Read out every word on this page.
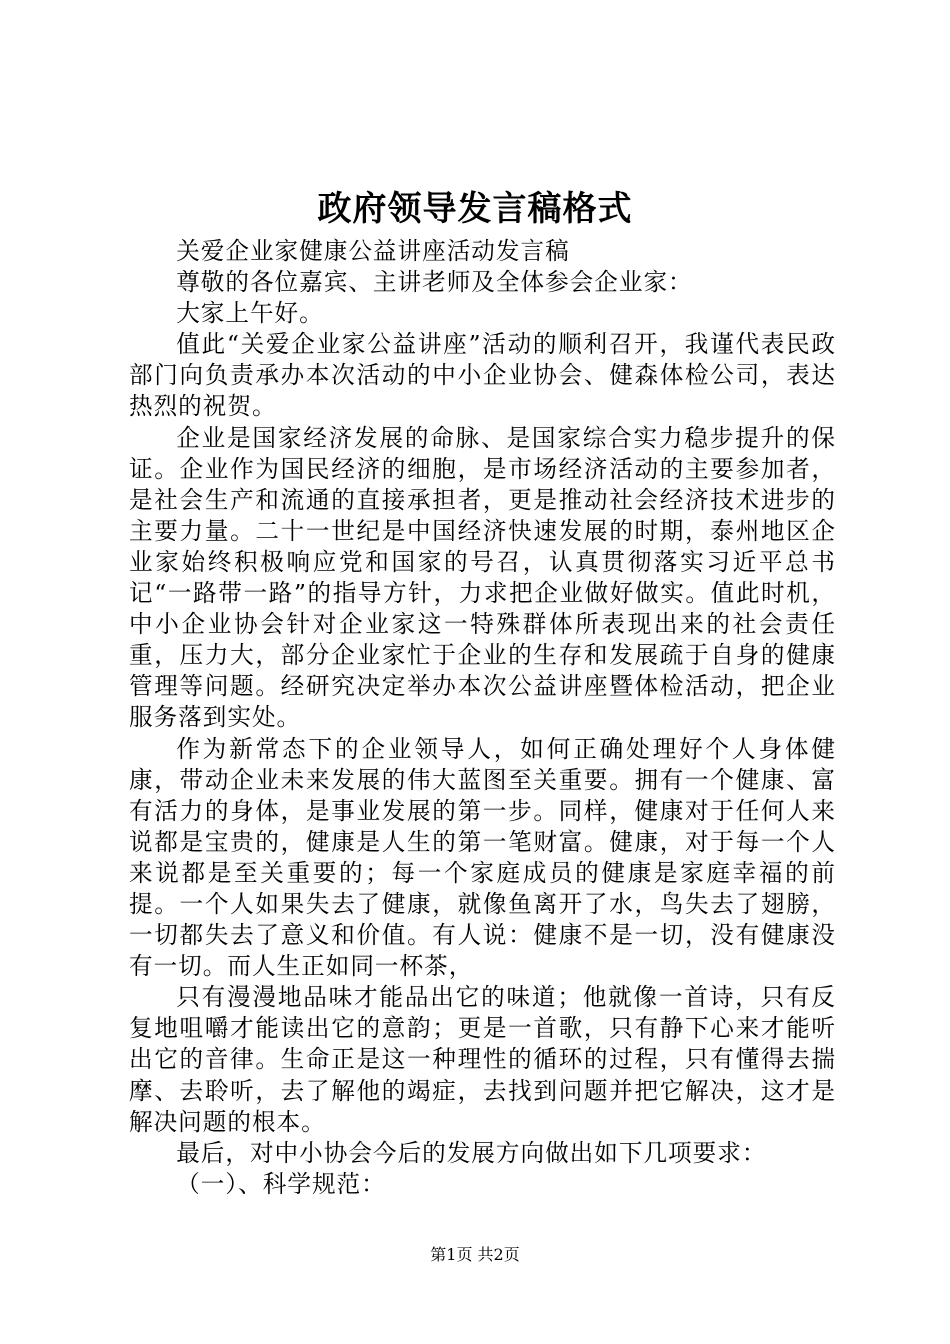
政府领导发言稿格式

关爱企业家健康公益讲座活动发言稿

尊敬的各位嘉宾、主讲老师及全体参会企业家：

大家上午好。

值此“关爱企业家公益讲座”活动的顺利召开，我谨代表民政部门向负责承办本次活动的中小企业协会、健森体检公司，表达热烈的祝贺。

企业是国家经济发展的命脉、是国家综合实力稳步提升的保证。企业作为国民经济的细胞，是市场经济活动的主要参加者，是社会生产和流通的直接承担者，更是推动社会经济技术进步的主要力量。二十一世纪是中国经济快速发展的时期，泰州地区企业家始终积极响应党和国家的号召，认真贯彻落实习近平总书记“一路带一路”的指导方针，力求把企业做好做实。值此时机，中小企业协会针对企业家这一特殊群体所表现出来的社会责任重，压力大，部分企业家忙于企业的生存和发展疏于自身的健康管理等问题。经研究决定举办本次公益讲座暨体检活动，把企业服务落到实处。

作为新常态下的企业领导人，如何正确处理好个人身体健康，带动企业未来发展的伟大蓝图至关重要。拥有一个健康、富有活力的身体，是事业发展的第一步。同样，健康对于任何人来说都是宝贵的，健康是人生的第一笔财富。健康，对于每一个人来说都是至关重要的；每一个家庭成员的健康是家庭幸福的前提。一个人如果失去了健康，就像鱼离开了水，鸟失去了翅膀，一切都失去了意义和价值。有人说：健康不是一切，没有健康没有一切。而人生正如同一杯茶，

只有漫漫地品味才能品出它的味道；他就像一首诗，只有反复地咀嚼才能读出它的意韵；更是一首歌，只有静下心来才能听出它的音律。生命正是这一种理性的循环的过程，只有懂得去揣摩、去聆听，去了解他的竭症，去找到问题并把它解决，这才是解决问题的根本。

最后，对中小协会今后的发展方向做出如下几项要求：

（一）、科学规范：

第1页 共2页
